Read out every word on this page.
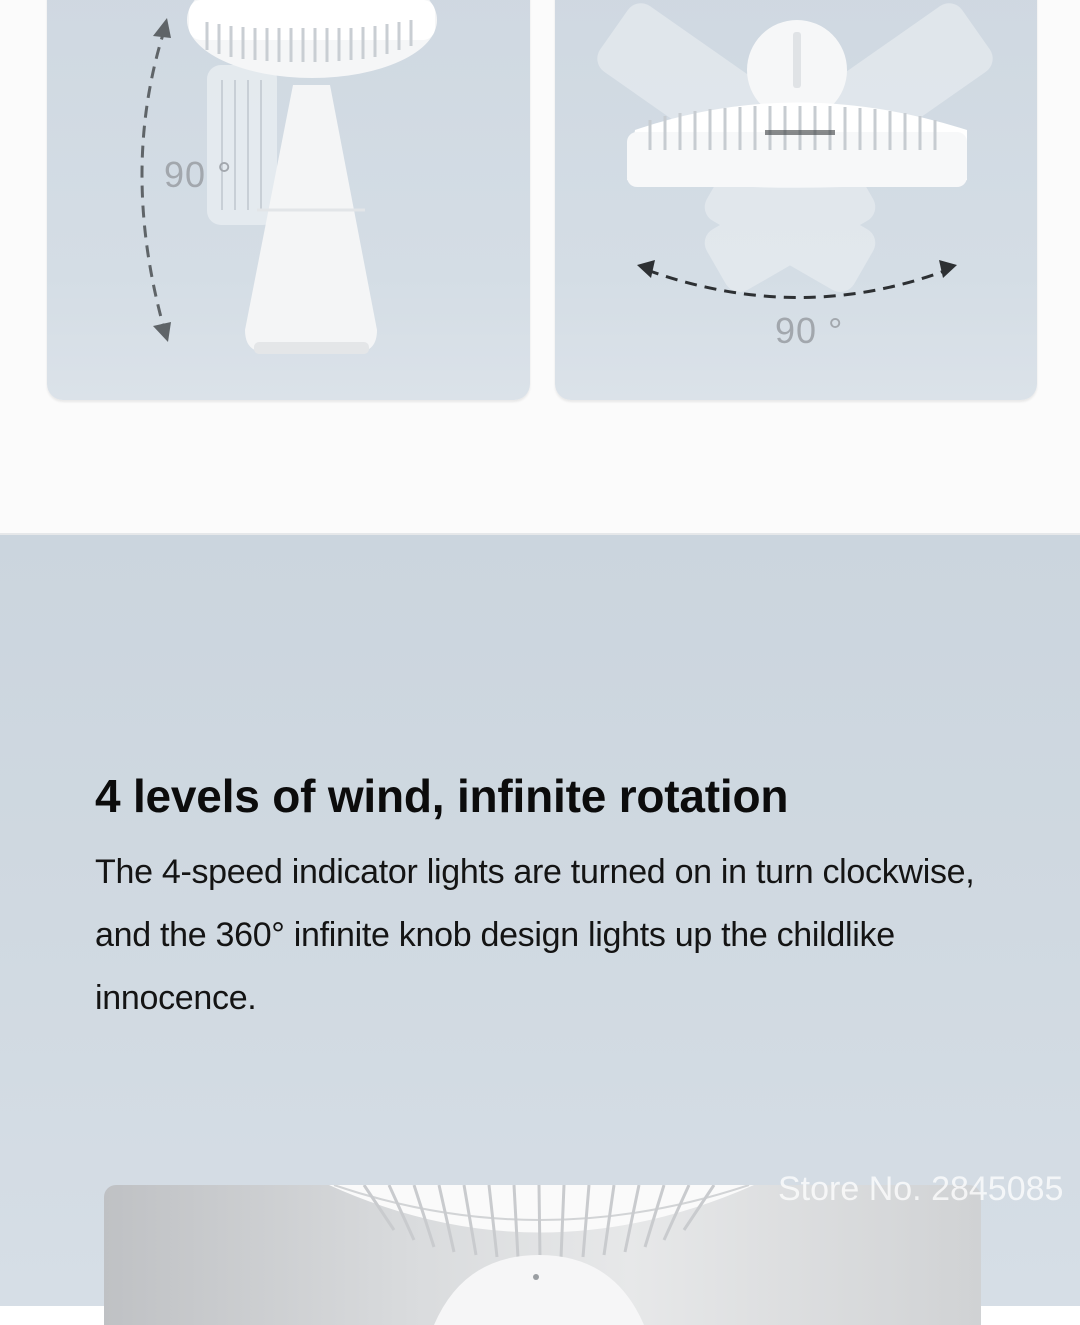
90 °
90 °
4 levels of wind, infinite rotation
The 4-speed indicator lights are turned on in turn clockwise,
and the 360° infinite knob design lights up the childlike
innocence.
Store No. 2845085
